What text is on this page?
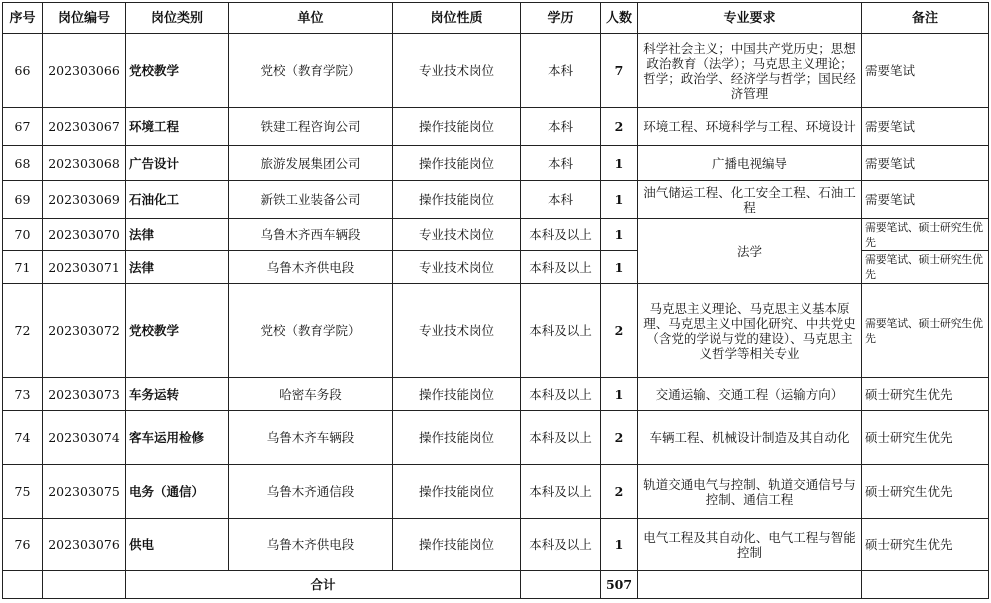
序号	岗位编号	岗位类别	单位	岗位性质	学历	人数	专业要求	备注
66	202303066	党校教学	党校（教育学院）	专业技术岗位	本科	7	科学社会主义；中国共产党历史；思想政治教育（法学）；马克思主义理论；哲学；政治学、经济学与哲学；国民经济管理	需要笔试
67	202303067	环境工程	铁建工程咨询公司	操作技能岗位	本科	2	环境工程、环境科学与工程、环境设计	需要笔试
68	202303068	广告设计	旅游发展集团公司	操作技能岗位	本科	1	广播电视编导	需要笔试
69	202303069	石油化工	新铁工业装备公司	操作技能岗位	本科	1	油气储运工程、化工安全工程、石油工程	需要笔试
70	202303070	法律	乌鲁木齐西车辆段	专业技术岗位	本科及以上	1	法学	需要笔试、硕士研究生优先
71	202303071	法律	乌鲁木齐供电段	专业技术岗位	本科及以上	1		需要笔试、硕士研究生优先
72	202303072	党校教学	党校（教育学院）	专业技术岗位	本科及以上	2	马克思主义理论、马克思主义基本原理、马克思主义中国化研究、中共党史（含党的学说与党的建设）、马克思主义哲学等相关专业	需要笔试、硕士研究生优先
73	202303073	车务运转	哈密车务段	操作技能岗位	本科及以上	1	交通运输、交通工程（运输方向）	硕士研究生优先
74	202303074	客车运用检修	乌鲁木齐车辆段	操作技能岗位	本科及以上	2	车辆工程、机械设计制造及其自动化	硕士研究生优先
75	202303075	电务（通信）	乌鲁木齐通信段	操作技能岗位	本科及以上	2	轨道交通电气与控制、轨道交通信号与控制、通信工程	硕士研究生优先
76	202303076	供电	乌鲁木齐供电段	操作技能岗位	本科及以上	1	电气工程及其自动化、电气工程与智能控制	硕士研究生优先
		合计				507		
